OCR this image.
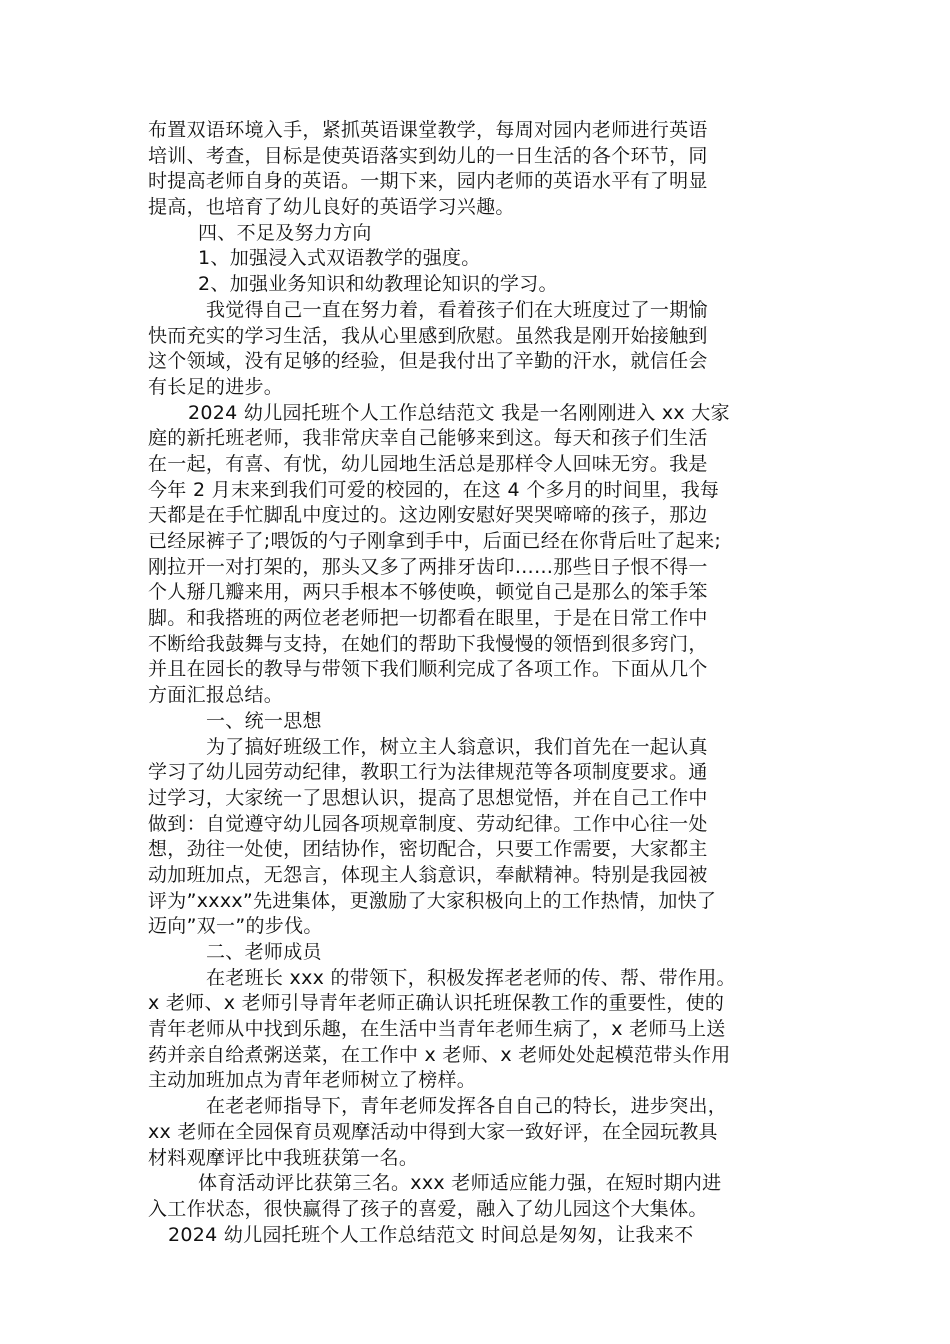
布置双语环境入手，紧抓英语课堂教学，每周对园内老师进行英语
培训、考查，目标是使英语落实到幼儿的一日生活的各个环节，同
时提高老师自身的英语。一期下来，园内老师的英语水平有了明显
提高，也培育了幼儿良好的英语学习兴趣。
四、不足及努力方向
1、加强浸入式双语教学的强度。
2、加强业务知识和幼教理论知识的学习。
我觉得自己一直在努力着，看着孩子们在大班度过了一期愉
快而充实的学习生活，我从心里感到欣慰。虽然我是刚开始接触到
这个领域，没有足够的经验，但是我付出了辛勤的汗水，就信任会
有长足的进步。
2024 幼儿园托班个人工作总结范文 我是一名刚刚进入 xx 大家
庭的新托班老师，我非常庆幸自己能够来到这。每天和孩子们生活
在一起，有喜、有忧，幼儿园地生活总是那样令人回味无穷。我是
今年 2 月末来到我们可爱的校园的，在这 4 个多月的时间里，我每
天都是在手忙脚乱中度过的。这边刚安慰好哭哭啼啼的孩子，那边
已经尿裤子了;喂饭的勺子刚拿到手中，后面已经在你背后吐了起来;
刚拉开一对打架的，那头又多了两排牙齿印……那些日子恨不得一
个人掰几瓣来用，两只手根本不够使唤，顿觉自己是那么的笨手笨
脚。和我搭班的两位老老师把一切都看在眼里，于是在日常工作中
不断给我鼓舞与支持，在她们的帮助下我慢慢的领悟到很多窍门，
并且在园长的教导与带领下我们顺利完成了各项工作。下面从几个
方面汇报总结。
一、统一思想
为了搞好班级工作，树立主人翁意识，我们首先在一起认真
学习了幼儿园劳动纪律，教职工行为法律规范等各项制度要求。通
过学习，大家统一了思想认识，提高了思想觉悟，并在自己工作中
做到：自觉遵守幼儿园各项规章制度、劳动纪律。工作中心往一处
想，劲往一处使，团结协作，密切配合，只要工作需要，大家都主
动加班加点，无怨言，体现主人翁意识，奉献精神。特别是我园被
评为”xxxx”先进集体，更激励了大家积极向上的工作热情，加快了
迈向”双一”的步伐。
二、老师成员
在老班长 xxx 的带领下，积极发挥老老师的传、帮、带作用。
x 老师、x 老师引导青年老师正确认识托班保教工作的重要性，使的
青年老师从中找到乐趣，在生活中当青年老师生病了，x 老师马上送
药并亲自给煮粥送菜，在工作中 x 老师、x 老师处处起模范带头作用
主动加班加点为青年老师树立了榜样。
在老老师指导下，青年老师发挥各自自己的特长，进步突出，
xx 老师在全园保育员观摩活动中得到大家一致好评，在全园玩教具
材料观摩评比中我班获第一名。
体育活动评比获第三名。xxx 老师适应能力强，在短时期内进
入工作状态，很快赢得了孩子的喜爱，融入了幼儿园这个大集体。
2024 幼儿园托班个人工作总结范文 时间总是匆匆，让我来不
